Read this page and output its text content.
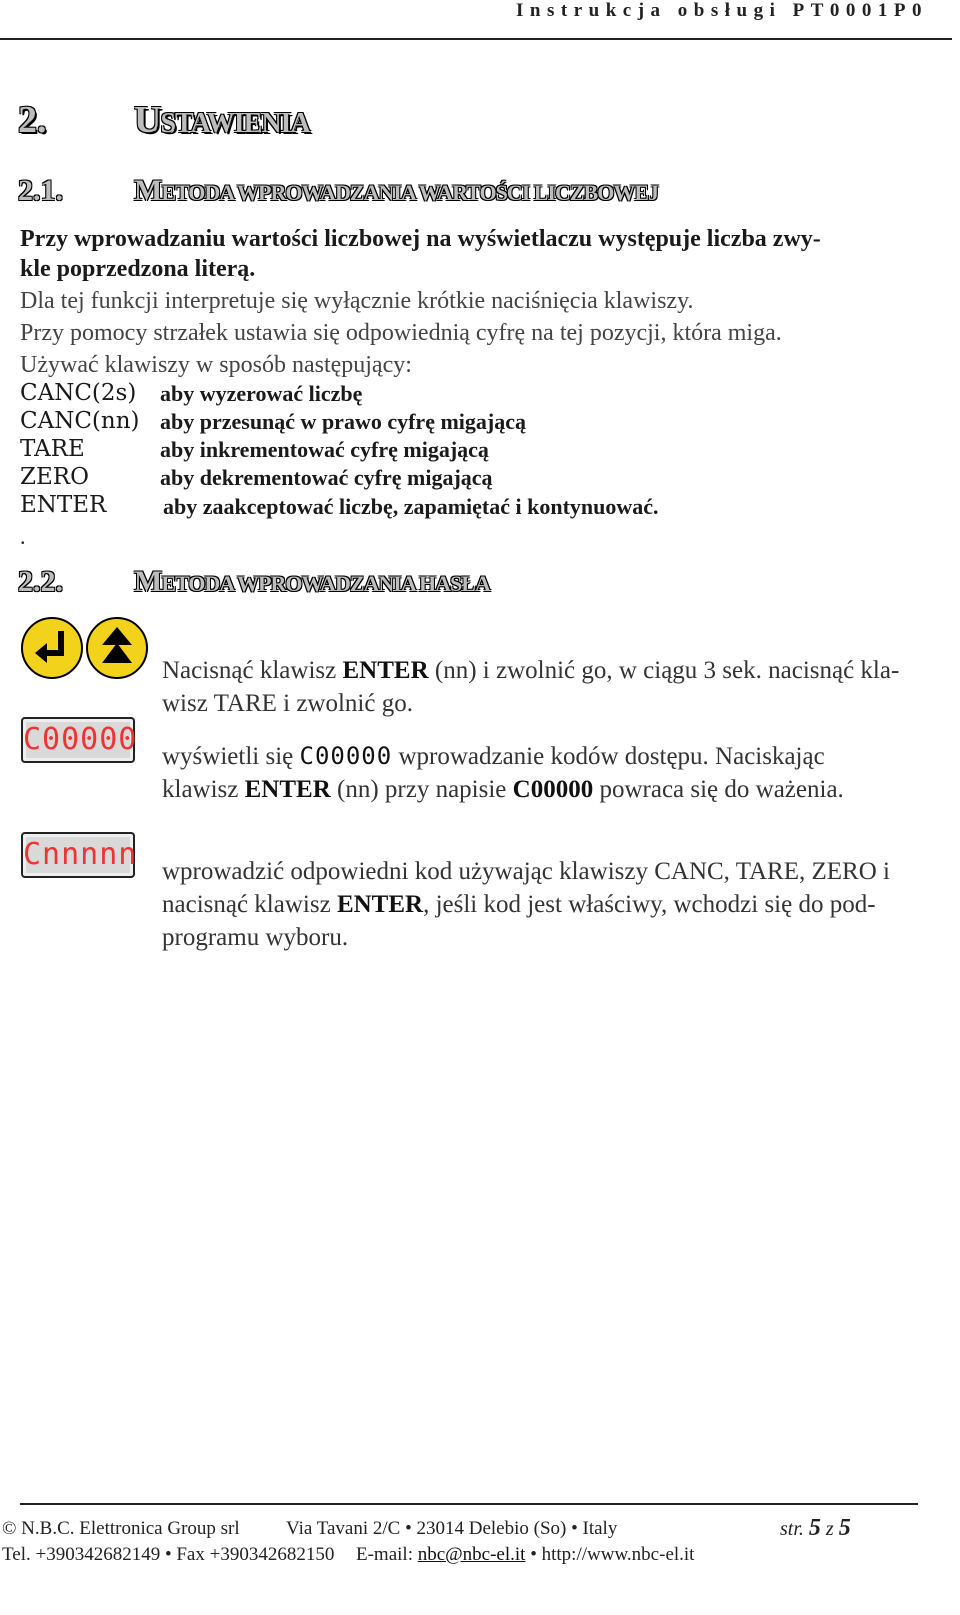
Instrukcja obsługi PT0001P0
2. USTAWIENIA
2.1. METODA WPROWADZANIA WARTOŚCI LICZBOWEJ
Przy wprowadzaniu wartości liczbowej na wyświetlaczu występuje liczba zwy-
kle poprzedzona literą.
Dla tej funkcji interpretuje się wyłącznie krótkie naciśnięcia klawiszy.
Przy pomocy strzałek ustawia się odpowiednią cyfrę na tej pozycji, która miga.
Używać klawiszy w sposób następujący:
CANC(2s) aby wyzerować liczbę
CANC(nn) aby przesunąć w prawo cyfrę migającą
TARE	aby inkrementować cyfrę migającą
ZERO	aby dekrementować cyfrę migającą
ENTER	aby zaakceptować liczbę, zapamiętać i kontynuować.
.
2.2. METODA WPROWADZANIA HASŁA
C00000
Cnnnnn
Nacisnąć klawisz ENTER (nn) i zwolnić go, w ciągu 3 sek. nacisnąć kla-
wisz TARE i zwolnić go.
wyświetli się C00000 wprowadzanie kodów dostępu. Naciskając
klawisz ENTER (nn) przy napisie C00000 powraca się do ważenia.
wprowadzić odpowiedni kod używając klawiszy CANC, TARE, ZERO i
nacisnąć klawisz ENTER, jeśli kod jest właściwy, wchodzi się do pod-
programu wyboru.
© N.B.C. Elettronica Group srl Via Tavani 2/C • 23014 Delebio (So) • Italy	str. 5 z 5
Tel. +390342682149 • Fax +390342682150 E-mail: nbc@nbc-el.it • http://www.nbc-el.it
